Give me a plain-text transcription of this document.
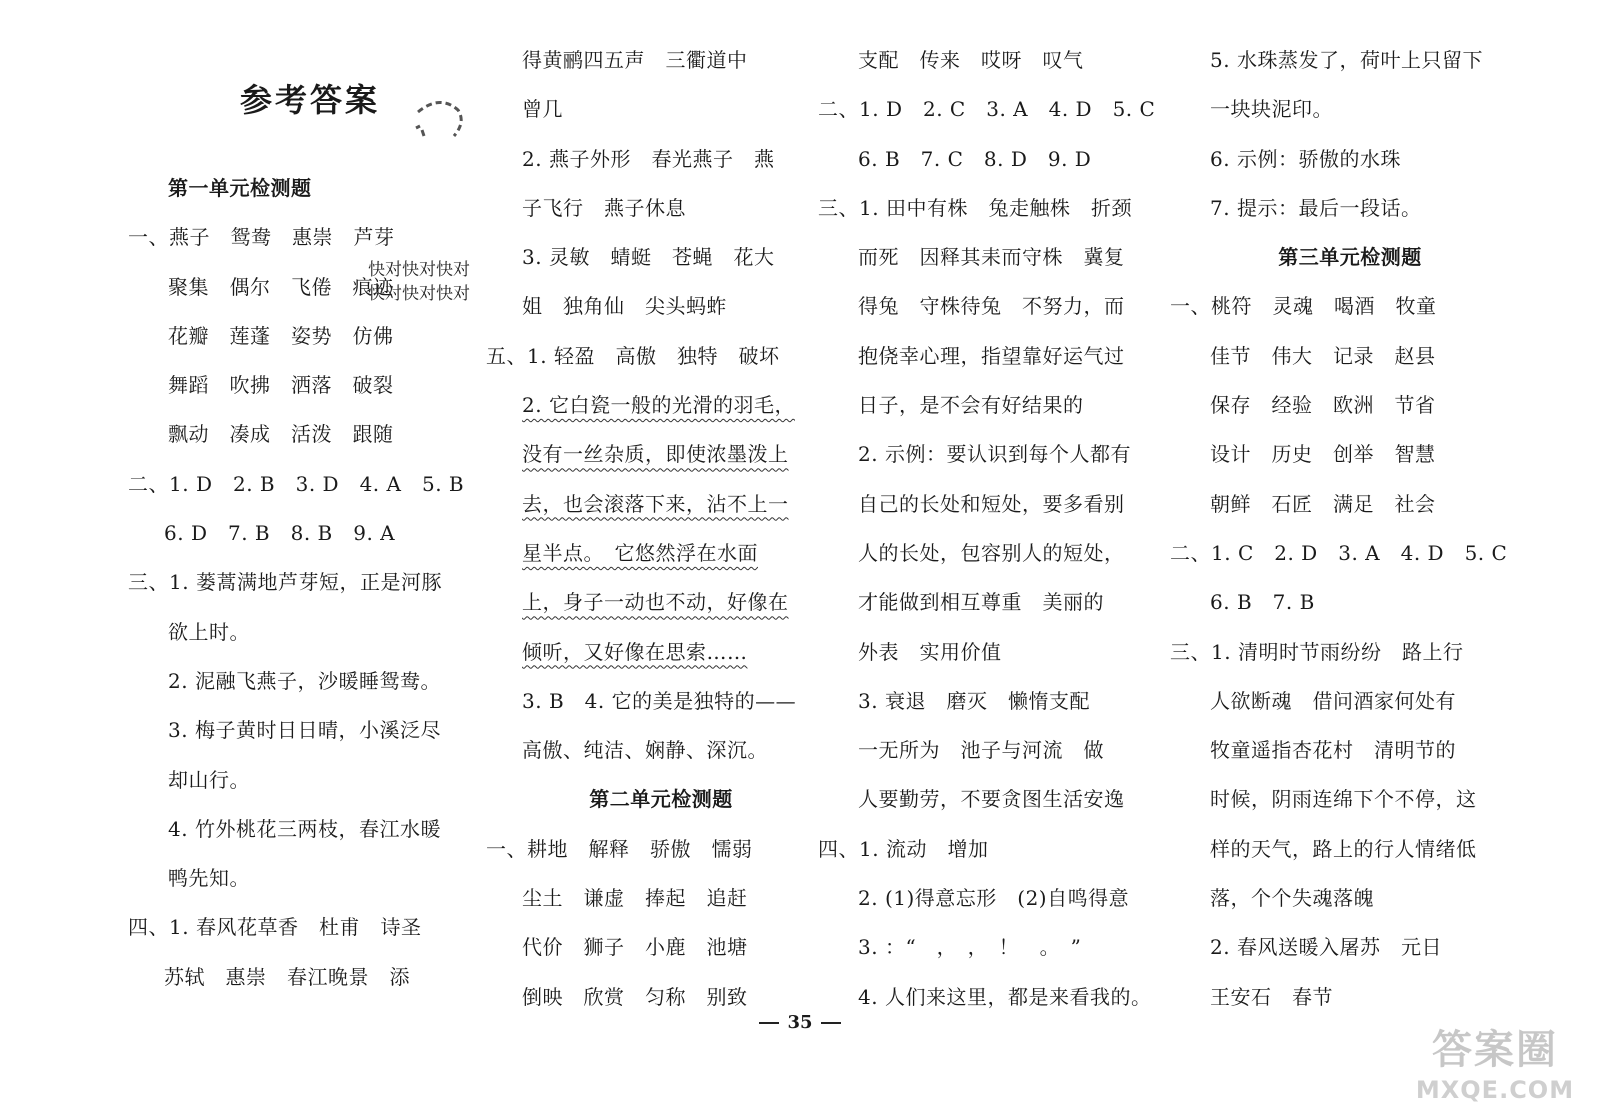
参考答案
第一单元检测题
一、燕子　鸳鸯　惠崇　芦芽
聚集　偶尔　飞倦　痕迹
花瓣　莲蓬　姿势　仿佛
舞蹈　吹拂　洒落　破裂
飘动　凑成　活泼　跟随
二、1. D　2. B　3. D　4. A　5. B
6. D　7. B　8. B　9. A
三、1. 蒌蒿满地芦芽短，正是河豚
欲上时。
2. 泥融飞燕子，沙暖睡鸳鸯。
3. 梅子黄时日日晴，小溪泛尽
却山行。
4. 竹外桃花三两枝，春江水暖
鸭先知。
四、1. 春风花草香　杜甫　诗圣
苏轼　惠崇　春江晚景　添
得黄鹂四五声　三衢道中
曾几
2. 燕子外形　春光燕子　燕
子飞行　燕子休息
3. 灵敏　蜻蜓　苍蝇　花大
姐　独角仙　尖头蚂蚱
五、1. 轻盈　高傲　独特　破坏
2. 它白瓷一般的光滑的羽毛，
没有一丝杂质，即使浓墨泼上
去，也会滚落下来，沾不上一
星半点。　它悠然浮在水面
上，身子一动也不动，好像在
倾听，又好像在思索……
3. B　4. 它的美是独特的——
高傲、纯洁、娴静、深沉。
第二单元检测题
一、耕地　解释　骄傲　懦弱
尘土　谦虚　捧起　追赶
代价　狮子　小鹿　池塘
倒映　欣赏　匀称　别致
支配　传来　哎呀　叹气
二、1. D　2. C　3. A　4. D　5. C
6. B　7. C　8. D　9. D
三、1. 田中有株　兔走触株　折颈
而死　因释其耒而守株　冀复
得兔　守株待兔　不努力，而
抱侥幸心理，指望靠好运气过
日子，是不会有好结果的
2. 示例：要认识到每个人都有
自己的长处和短处，要多看别
人的长处，包容别人的短处，
才能做到相互尊重　美丽的
外表　实用价值
3. 衰退　磨灭　懒惰支配
一无所为　池子与河流　做
人要勤劳，不要贪图生活安逸
四、1. 流动　增加
2. (1)得意忘形　(2)自鸣得意
3. ：“　，　，　！　。　”
4. 人们来这里，都是来看我的。
5. 水珠蒸发了，荷叶上只留下
一块块泥印。
6. 示例：骄傲的水珠
7. 提示：最后一段话。
第三单元检测题
一、桃符　灵魂　喝酒　牧童
佳节　伟大　记录　赵县
保存　经验　欧洲　节省
设计　历史　创举　智慧
朝鲜　石匠　满足　社会
二、1. C　2. D　3. A　4. D　5. C
6. B　7. B
三、1. 清明时节雨纷纷　路上行
人欲断魂　借问酒家何处有
牧童遥指杏花村　清明节的
时候，阴雨连绵下个不停，这
样的天气，路上的行人情绪低
落，个个失魂落魄
2. 春风送暖入屠苏　元日
王安石　春节
快对快对快对
快对快对快对
35
答案圈
MXQE.COM
